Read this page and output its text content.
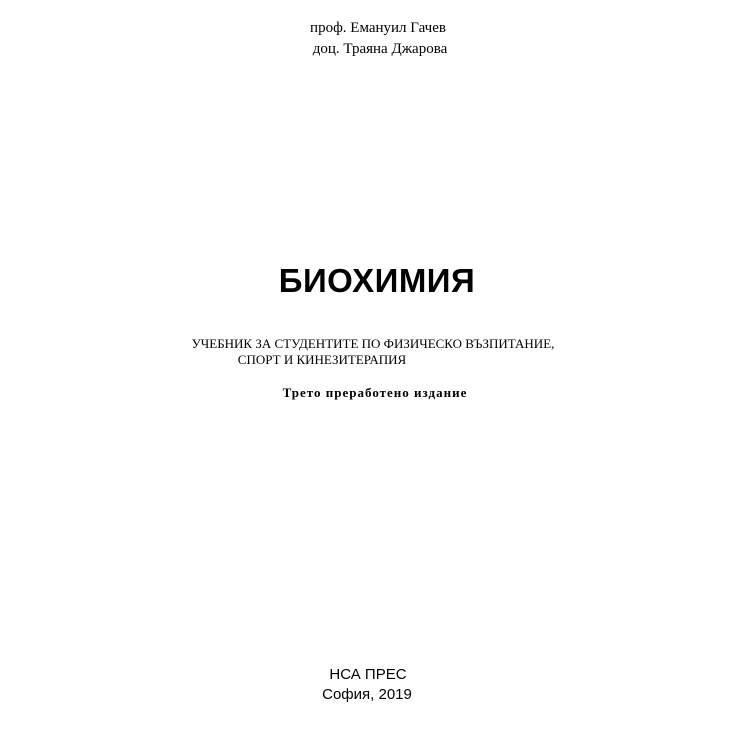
проф. Емануил Гачев
доц. Траяна Джарова
БИОХИМИЯ
УЧЕБНИК ЗА СТУДЕНТИТЕ ПО ФИЗИЧЕСКО ВЪЗПИТАНИЕ,
СПОРТ И КИНЕЗИТЕРАПИЯ
Трето преработено издание
НСА ПРЕС
София, 2019
